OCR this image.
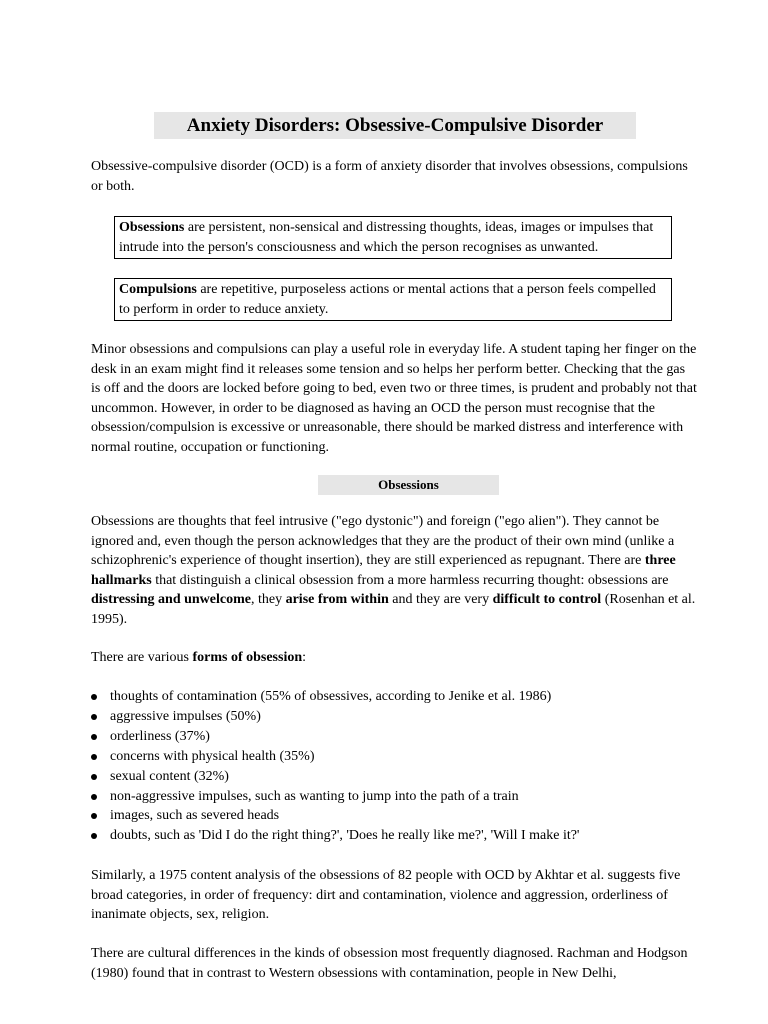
Anxiety Disorders: Obsessive-Compulsive Disorder

Obsessive-compulsive disorder (OCD) is a form of anxiety disorder that involves obsessions, compulsions or both.

Obsessions are persistent, non-sensical and distressing thoughts, ideas, images or impulses that intrude into the person's consciousness and which the person recognises as unwanted.

Compulsions are repetitive, purposeless actions or mental actions that a person feels compelled to perform in order to reduce anxiety.

Minor obsessions and compulsions can play a useful role in everyday life. A student taping her finger on the desk in an exam might find it releases some tension and so helps her perform better. Checking that the gas is off and the doors are locked before going to bed, even two or three times, is prudent and probably not that uncommon. However, in order to be diagnosed as having an OCD the person must recognise that the obsession/compulsion is excessive or unreasonable, there should be marked distress and interference with normal routine, occupation or functioning.

Obsessions

Obsessions are thoughts that feel intrusive ("ego dystonic") and foreign ("ego alien"). They cannot be ignored and, even though the person acknowledges that they are the product of their own mind (unlike a schizophrenic's experience of thought insertion), they are still experienced as repugnant. There are three hallmarks that distinguish a clinical obsession from a more harmless recurring thought: obsessions are distressing and unwelcome, they arise from within and they are very difficult to control (Rosenhan et al. 1995).

There are various forms of obsession:

thoughts of contamination (55% of obsessives, according to Jenike et al. 1986)
aggressive impulses (50%)
orderliness (37%)
concerns with physical health (35%)
sexual content (32%)
non-aggressive impulses, such as wanting to jump into the path of a train
images, such as severed heads
doubts, such as 'Did I do the right thing?', 'Does he really like me?', 'Will I make it?'

Similarly, a 1975 content analysis of the obsessions of 82 people with OCD by Akhtar et al. suggests five broad categories, in order of frequency: dirt and contamination, violence and aggression, orderliness of inanimate objects, sex, religion.

There are cultural differences in the kinds of obsession most frequently diagnosed. Rachman and Hodgson (1980) found that in contrast to Western obsessions with contamination, people in New Delhi,
